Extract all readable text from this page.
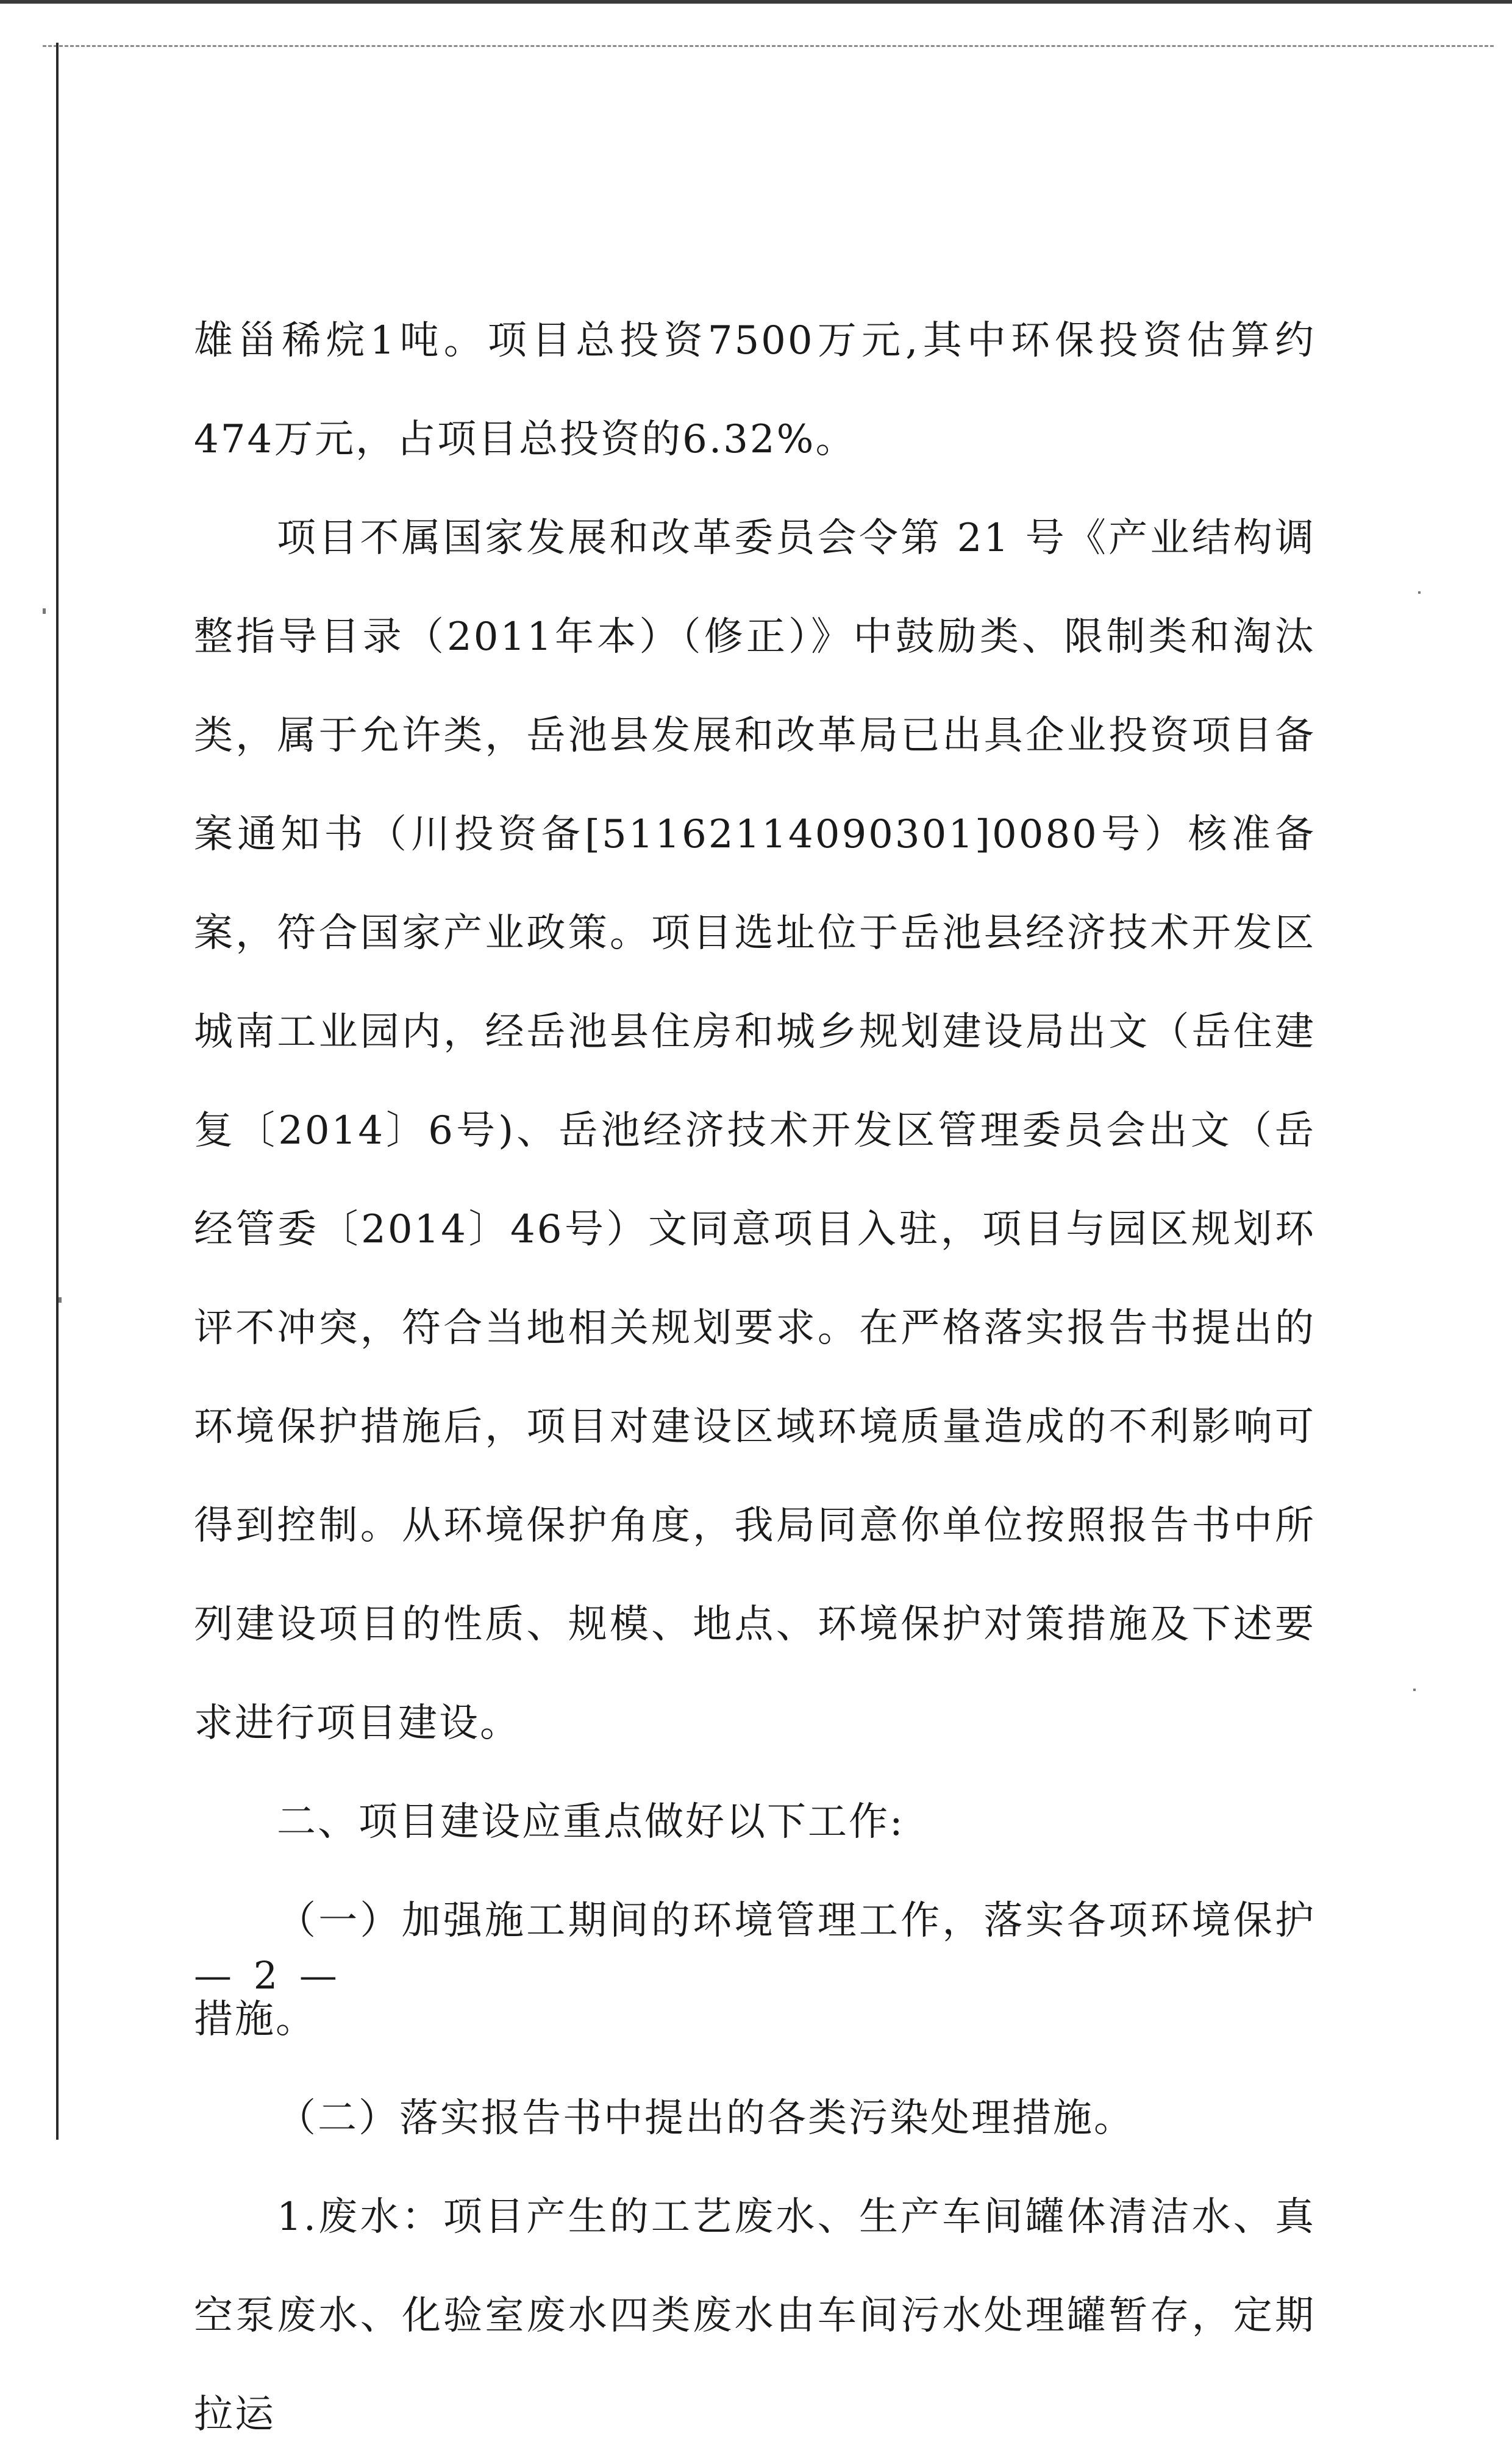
雄甾稀烷1吨。项目总投资7500万元,其中环保投资估算约474万元，占项目总投资的6.32%。

项目不属国家发展和改革委员会令第 21 号《产业结构调整指导目录（2011年本）（修正）》中鼓励类、限制类和淘汰类，属于允许类，岳池县发展和改革局已出具企业投资项目备案通知书（川投资备[51162114090301]0080号）核准备案，符合国家产业政策。项目选址位于岳池县经济技术开发区城南工业园内，经岳池县住房和城乡规划建设局出文（岳住建复〔2014〕6号)、岳池经济技术开发区管理委员会出文（岳经管委〔2014〕46号）文同意项目入驻，项目与园区规划环评不冲突，符合当地相关规划要求。在严格落实报告书提出的环境保护措施后，项目对建设区域环境质量造成的不利影响可得到控制。从环境保护角度，我局同意你单位按照报告书中所列建设项目的性质、规模、地点、环境保护对策措施及下述要求进行项目建设。

二、项目建设应重点做好以下工作:

（一）加强施工期间的环境管理工作，落实各项环境保护措施。

（二）落实报告书中提出的各类污染处理措施。

1.废水：项目产生的工艺废水、生产车间罐体清洁水、真空泵废水、化验室废水四类废水由车间污水处理罐暂存，定期拉运

— 2 —
